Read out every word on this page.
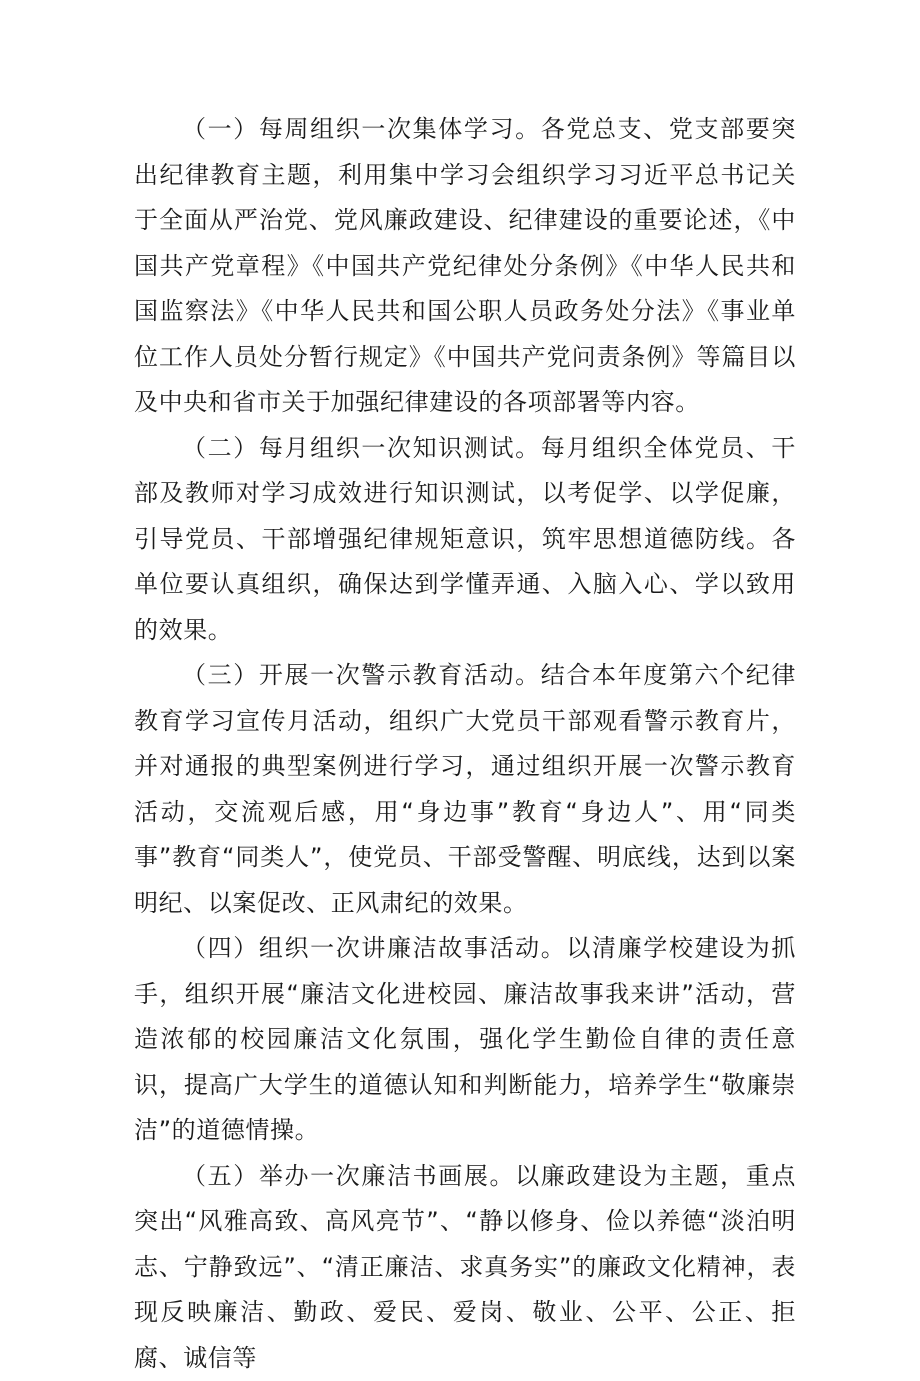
（一）每周组织一次集体学习。各党总支、党支部要突出纪律教育主题，利用集中学习会组织学习习近平总书记关于全面从严治党、党风廉政建设、纪律建设的重要论述，《中国共产党章程》《中国共产党纪律处分条例》《中华人民共和国监察法》《中华人民共和国公职人员政务处分法》《事业单位工作人员处分暂行规定》《中国共产党问责条例》等篇目以及中央和省市关于加强纪律建设的各项部署等内容。

（二）每月组织一次知识测试。每月组织全体党员、干部及教师对学习成效进行知识测试，以考促学、以学促廉，引导党员、干部增强纪律规矩意识，筑牢思想道德防线。各单位要认真组织，确保达到学懂弄通、入脑入心、学以致用的效果。

（三）开展一次警示教育活动。结合本年度第六个纪律教育学习宣传月活动，组织广大党员干部观看警示教育片，并对通报的典型案例进行学习，通过组织开展一次警示教育活动，交流观后感，用“身边事”教育“身边人”、用“同类事”教育“同类人”，使党员、干部受警醒、明底线，达到以案明纪、以案促改、正风肃纪的效果。

（四）组织一次讲廉洁故事活动。以清廉学校建设为抓手，组织开展“廉洁文化进校园、廉洁故事我来讲”活动，营造浓郁的校园廉洁文化氛围，强化学生勤俭自律的责任意识，提高广大学生的道德认知和判断能力，培养学生“敬廉崇洁”的道德情操。

（五）举办一次廉洁书画展。以廉政建设为主题，重点突出“风雅高致、高风亮节”、“静以修身、俭以养德“淡泊明志、宁静致远”、“清正廉洁、求真务实”的廉政文化精神，表现反映廉洁、勤政、爱民、爱岗、敬业、公平、公正、拒腐、诚信等
